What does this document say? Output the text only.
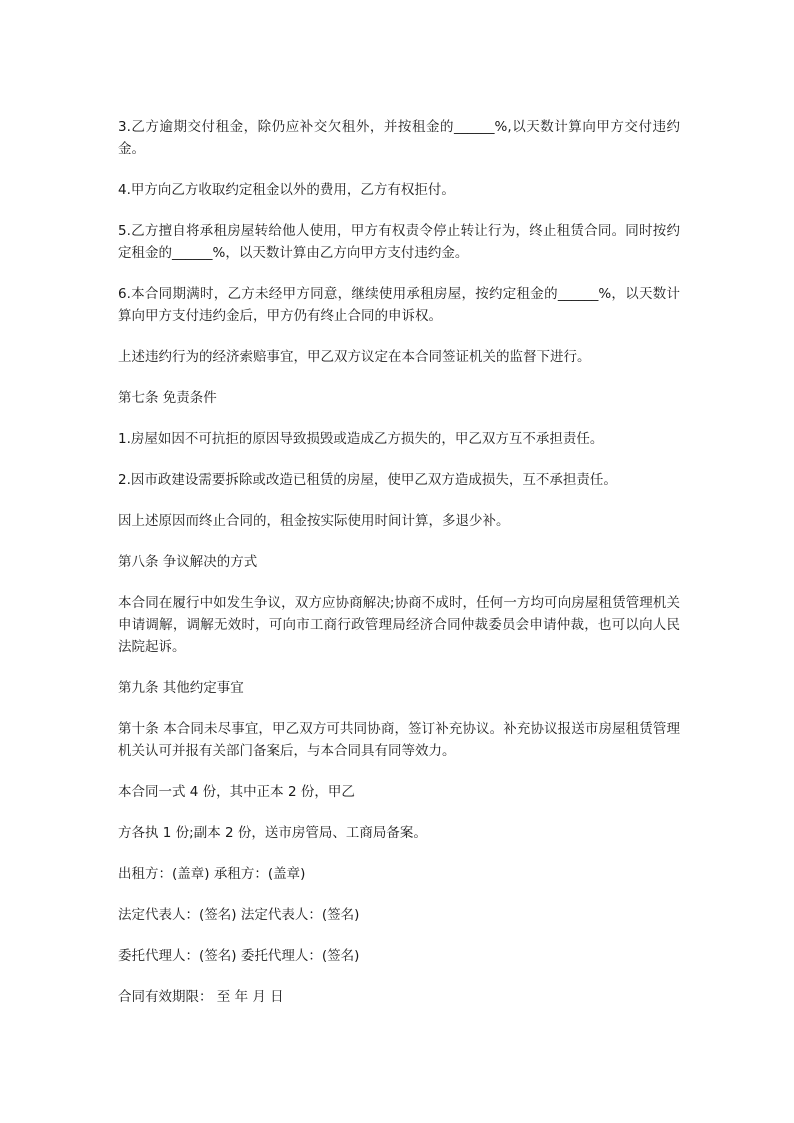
3.乙方逾期交付租金，除仍应补交欠租外，并按租金的______%,以天数计算向甲方交付违约金。

4.甲方向乙方收取约定租金以外的费用，乙方有权拒付。

5.乙方擅自将承租房屋转给他人使用，甲方有权责令停止转让行为，终止租赁合同。同时按约定租金的______%，以天数计算由乙方向甲方支付违约金。

6.本合同期满时，乙方未经甲方同意，继续使用承租房屋，按约定租金的______%，以天数计算向甲方支付违约金后，甲方仍有终止合同的申诉权。

上述违约行为的经济索赔事宜，甲乙双方议定在本合同签证机关的监督下进行。

第七条 免责条件

1.房屋如因不可抗拒的原因导致损毁或造成乙方损失的，甲乙双方互不承担责任。

2.因市政建设需要拆除或改造已租赁的房屋，使甲乙双方造成损失，互不承担责任。

因上述原因而终止合同的，租金按实际使用时间计算，多退少补。

第八条 争议解决的方式

本合同在履行中如发生争议，双方应协商解决;协商不成时，任何一方均可向房屋租赁管理机关申请调解，调解无效时，可向市工商行政管理局经济合同仲裁委员会申请仲裁，也可以向人民法院起诉。

第九条 其他约定事宜

第十条 本合同未尽事宜，甲乙双方可共同协商，签订补充协议。补充协议报送市房屋租赁管理机关认可并报有关部门备案后，与本合同具有同等效力。

本合同一式 4 份，其中正本 2 份，甲乙

方各执 1 份;副本 2 份，送市房管局、工商局备案。

出租方：(盖章) 承租方：(盖章)

法定代表人：(签名) 法定代表人：(签名)

委托代理人：(签名) 委托代理人：(签名)

合同有效期限： 至 年 月 日
